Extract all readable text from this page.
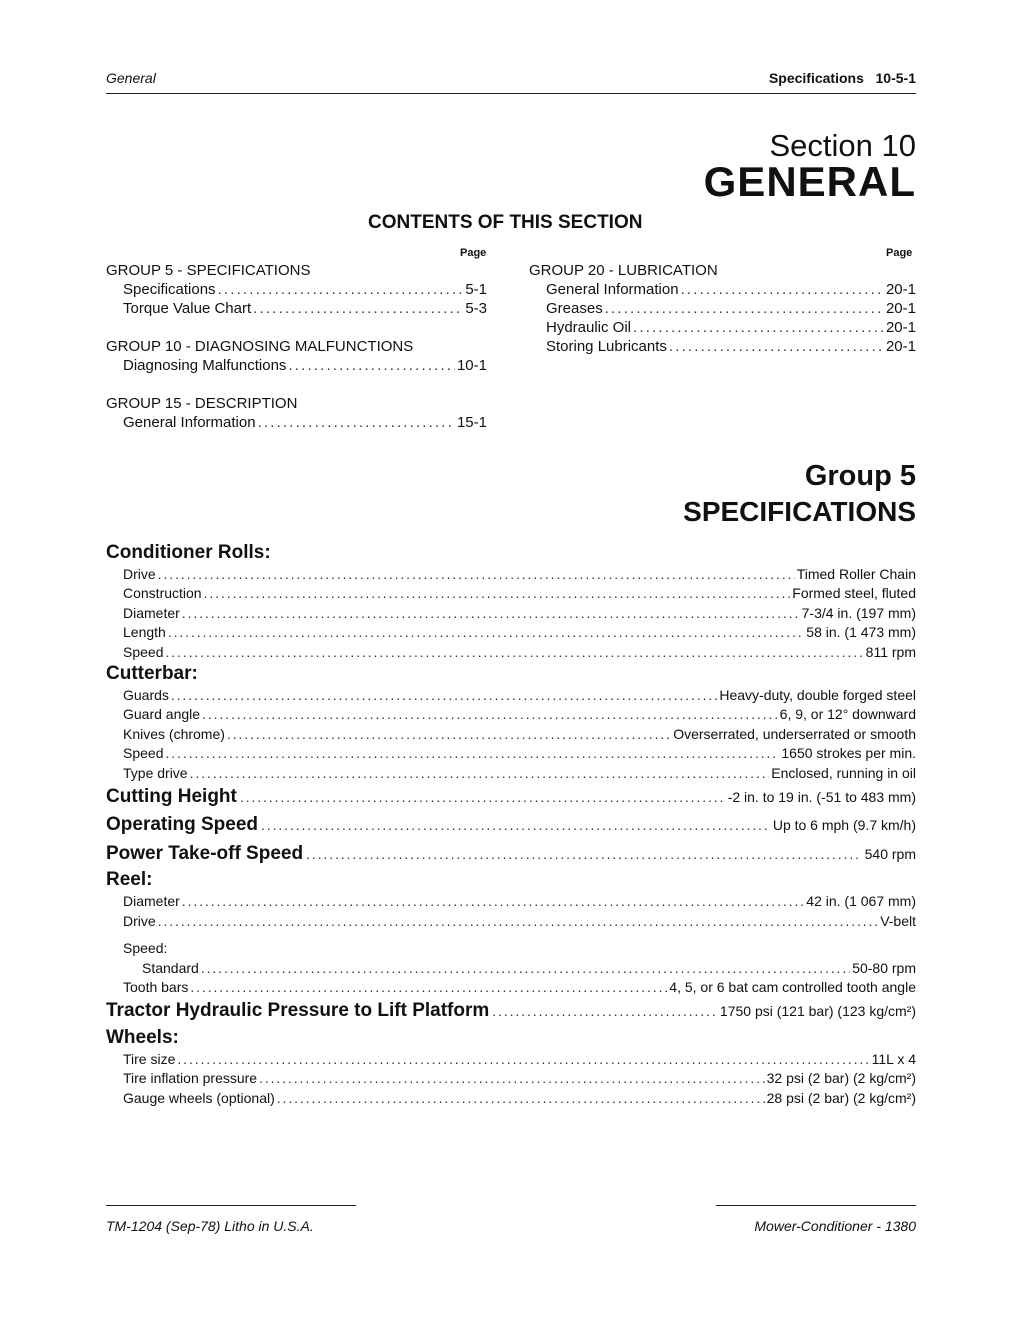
General	Specifications   10-5-1
Section 10
GENERAL
CONTENTS OF THIS SECTION
Page	Page
GROUP 5 - SPECIFICATIONS
Specifications . . .	5-1
Torque Value Chart . . .	5-3
GROUP 10 - DIAGNOSING MALFUNCTIONS
Diagnosing Malfunctions . . .	10-1
GROUP 15 - DESCRIPTION
General Information . . .	15-1
GROUP 20 - LUBRICATION
General Information . . .	20-1
Greases . . .	20-1
Hydraulic Oil . . .	20-1
Storing Lubricants . . .	20-1
Group 5
SPECIFICATIONS
Conditioner Rolls:
Drive . . .	Timed Roller Chain
Construction . . .	Formed steel, fluted
Diameter . . .	7-3/4 in. (197 mm)
Length . . .	58 in. (1 473 mm)
Speed . . .	811 rpm
Cutterbar:
Guards . . .	Heavy-duty, double forged steel
Guard angle . . .	6, 9, or 12° downward
Knives (chrome) . . .	Overserrated, underserrated or smooth
Speed . . .	1650 strokes per min.
Type drive . . .	Enclosed, running in oil
Cutting Height . . .	-2 in. to 19 in. (-51 to 483 mm)
Operating Speed . . .	Up to 6 mph (9.7 km/h)
Power Take-off Speed . . .	540 rpm
Reel:
Diameter . . .	42 in. (1 067 mm)
Drive . . .	V-belt
Speed:
Standard . . .	50-80 rpm
Tooth bars . . .	4, 5, or 6 bat cam controlled tooth angle
Tractor Hydraulic Pressure to Lift Platform . . .	1750 psi (121 bar) (123 kg/cm²)
Wheels:
Tire size . . .	11L x 4
Tire inflation pressure . . .	32 psi (2 bar) (2 kg/cm²)
Gauge wheels (optional) . . .	28 psi (2 bar) (2 kg/cm²)
TM-1204 (Sep-78) Litho in U.S.A.	Mower-Conditioner - 1380
